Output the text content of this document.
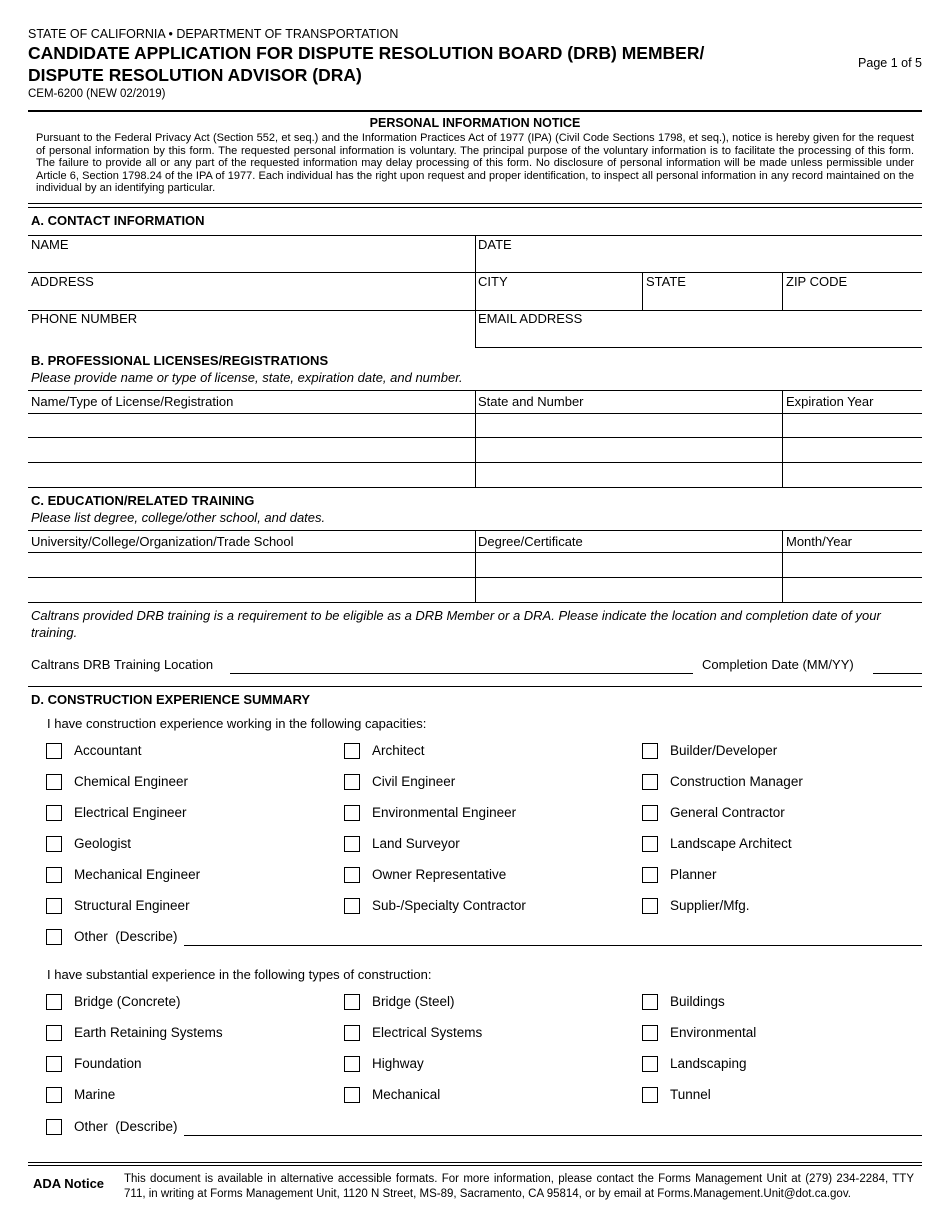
STATE OF CALIFORNIA • DEPARTMENT OF TRANSPORTATION
CANDIDATE APPLICATION FOR DISPUTE RESOLUTION BOARD (DRB) MEMBER/
DISPUTE RESOLUTION ADVISOR (DRA)
CEM-6200 (NEW 02/2019)
Page 1 of 5
PERSONAL INFORMATION NOTICE
Pursuant to the Federal Privacy Act (Section 552, et seq.) and the Information Practices Act of 1977 (IPA) (Civil Code Sections 1798, et seq.), notice is hereby given for the request of personal information by this form. The requested personal information is voluntary. The principal purpose of the voluntary information is to facilitate the processing of this form. The failure to provide all or any part of the requested information may delay processing of this form. No disclosure of personal information will be made unless permissible under Article 6, Section 1798.24 of the IPA of 1977. Each individual has the right upon request and proper identification, to inspect all personal information in any record maintained on the individual by an identifying particular.
A. CONTACT INFORMATION
NAME	DATE
ADDRESS	CITY	STATE	ZIP CODE
PHONE NUMBER	EMAIL ADDRESS
B. PROFESSIONAL LICENSES/REGISTRATIONS
Please provide name or type of license, state, expiration date, and number.
Name/Type of License/Registration	State and Number	Expiration Year
C. EDUCATION/RELATED TRAINING
Please list degree, college/other school, and dates.
University/College/Organization/Trade School	Degree/Certificate	Month/Year
Caltrans provided DRB training is a requirement to be eligible as a DRB Member or a DRA. Please indicate the location and completion date of your training.
Caltrans DRB Training Location	Completion Date (MM/YY)
D. CONSTRUCTION EXPERIENCE SUMMARY
I have construction experience working in the following capacities:
Accountant	Architect	Builder/Developer
Chemical Engineer	Civil Engineer	Construction Manager
Electrical Engineer	Environmental Engineer	General Contractor
Geologist	Land Surveyor	Landscape Architect
Mechanical Engineer	Owner Representative	Planner
Structural Engineer	Sub-/Specialty Contractor	Supplier/Mfg.
Other  (Describe)
I have substantial experience in the following types of construction:
Bridge (Concrete)	Bridge (Steel)	Buildings
Earth Retaining Systems	Electrical Systems	Environmental
Foundation	Highway	Landscaping
Marine	Mechanical	Tunnel
Other  (Describe)
ADA Notice This document is available in alternative accessible formats. For more information, please contact the Forms Management Unit at (279) 234-2284, TTY 711, in writing at Forms Management Unit, 1120 N Street, MS-89, Sacramento, CA 95814, or by email at Forms.Management.Unit@dot.ca.gov.
